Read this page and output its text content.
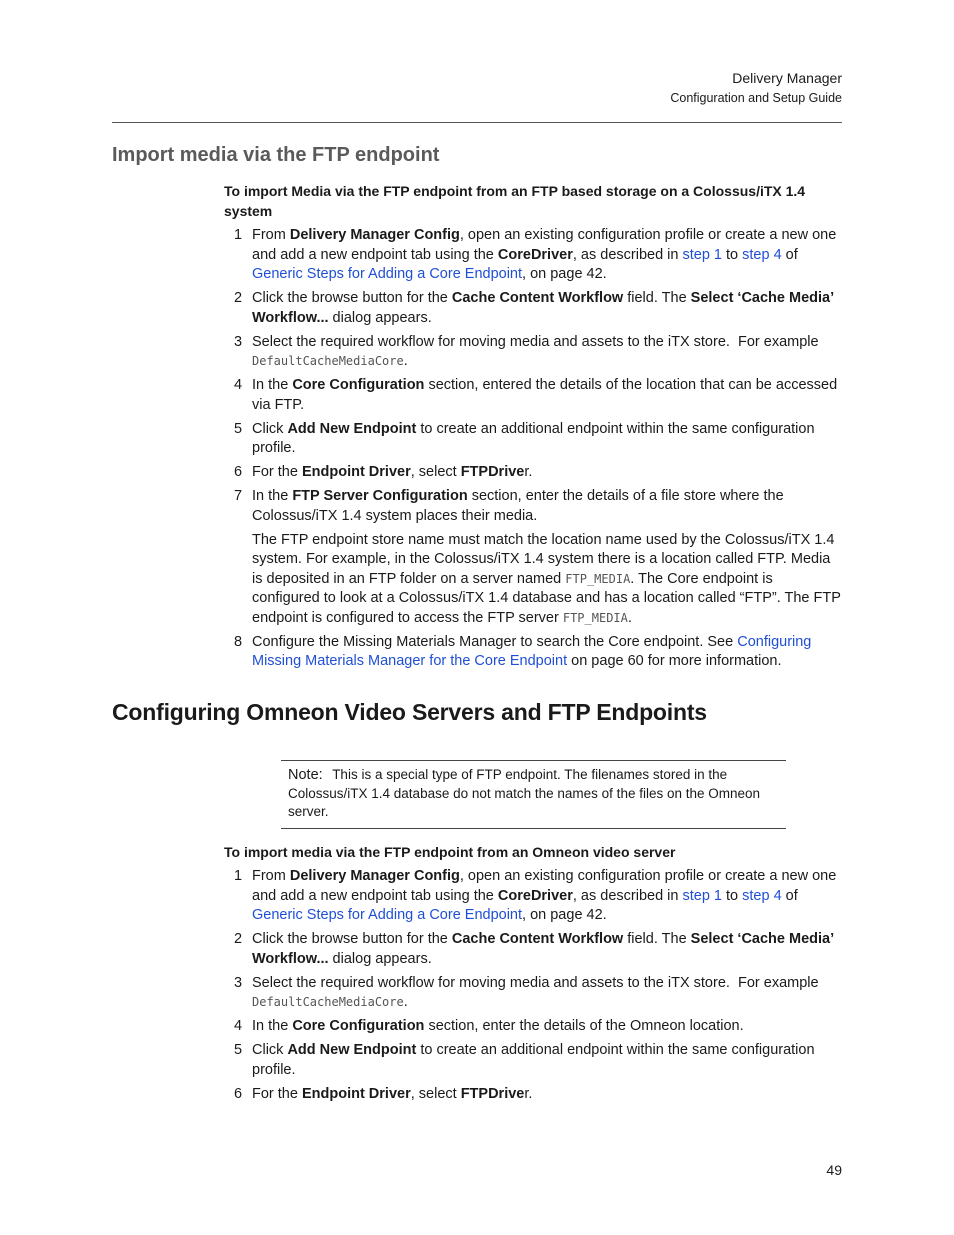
Delivery Manager
Configuration and Setup Guide
Import media via the FTP endpoint
To import Media via the FTP endpoint from an FTP based storage on a Colossus/iTX 1.4 system
1 From Delivery Manager Config, open an existing configuration profile or create a new one and add a new endpoint tab using the CoreDriver, as described in step 1 to step 4 of Generic Steps for Adding a Core Endpoint, on page 42.
2 Click the browse button for the Cache Content Workflow field. The Select ‘Cache Media’ Workflow... dialog appears.
3 Select the required workflow for moving media and assets to the iTX store.  For example DefaultCacheMediaCore.
4 In the Core Configuration section, entered the details of the location that can be accessed via FTP.
5 Click Add New Endpoint to create an additional endpoint within the same configuration profile.
6 For the Endpoint Driver, select FTPDriver.
7 In the FTP Server Configuration section, enter the details of a file store where the Colossus/iTX 1.4 system places their media.
The FTP endpoint store name must match the location name used by the Colossus/iTX 1.4 system. For example, in the Colossus/iTX 1.4 system there is a location called FTP. Media is deposited in an FTP folder on a server named FTP_MEDIA. The Core endpoint is configured to look at a Colossus/iTX 1.4 database and has a location called “FTP”. The FTP endpoint is configured to access the FTP server FTP_MEDIA.
8 Configure the Missing Materials Manager to search the Core endpoint. See Configuring Missing Materials Manager for the Core Endpoint on page 60 for more information.
Configuring Omneon Video Servers and FTP Endpoints
Note: This is a special type of FTP endpoint. The filenames stored in the Colossus/iTX 1.4 database do not match the names of the files on the Omneon server.
To import media via the FTP endpoint from an Omneon video server
1 From Delivery Manager Config, open an existing configuration profile or create a new one and add a new endpoint tab using the CoreDriver, as described in step 1 to step 4 of Generic Steps for Adding a Core Endpoint, on page 42.
2 Click the browse button for the Cache Content Workflow field. The Select ‘Cache Media’ Workflow... dialog appears.
3 Select the required workflow for moving media and assets to the iTX store.  For example DefaultCacheMediaCore.
4 In the Core Configuration section, enter the details of the Omneon location.
5 Click Add New Endpoint to create an additional endpoint within the same configuration profile.
6 For the Endpoint Driver, select FTPDriver.
49
